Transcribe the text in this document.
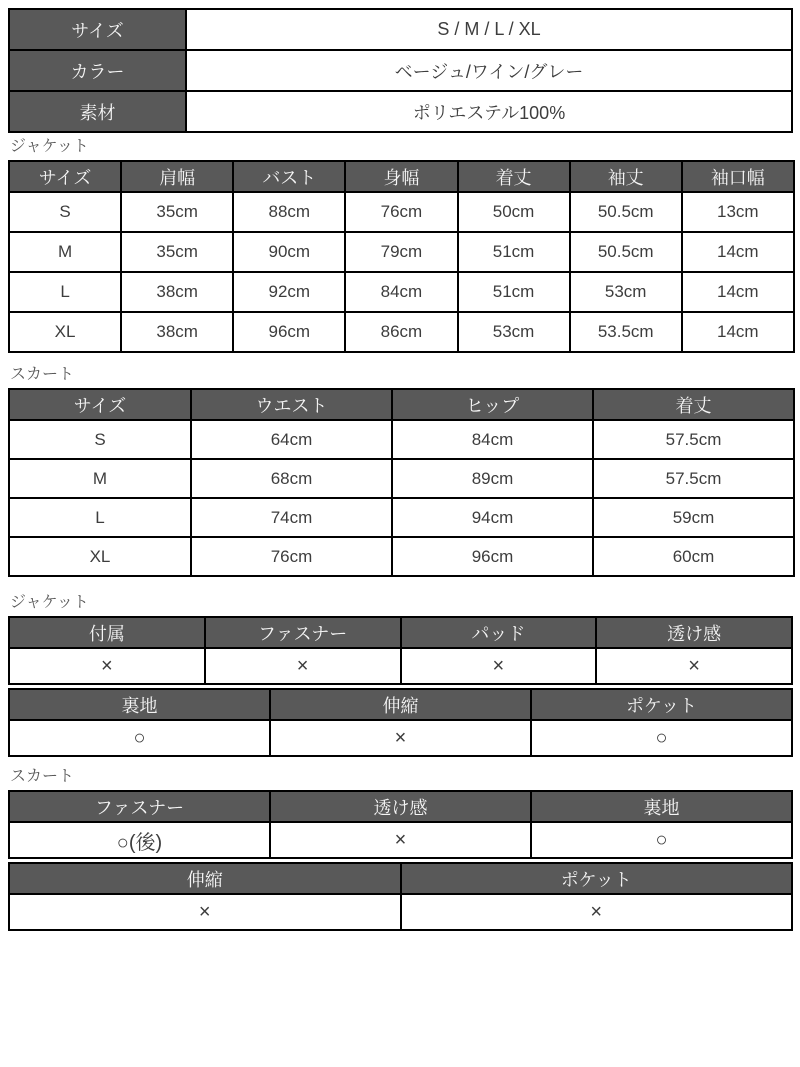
サイズ	S / M / L / XL
カラー	ベージュ/ワイン/グレー
素材	ポリエステル100%
ジャケット
サイズ	肩幅	バスト	身幅	着丈	袖丈	袖口幅
S	35cm	88cm	76cm	50cm	50.5cm	13cm
M	35cm	90cm	79cm	51cm	50.5cm	14cm
L	38cm	92cm	84cm	51cm	53cm	14cm
XL	38cm	96cm	86cm	53cm	53.5cm	14cm
スカート
サイズ	ウエスト	ヒップ	着丈
S	64cm	84cm	57.5cm
M	68cm	89cm	57.5cm
L	74cm	94cm	59cm
XL	76cm	96cm	60cm
ジャケット
付属	ファスナー	パッド	透け感
×	×	×	×
裏地	伸縮	ポケット
○	×	○
スカート
ファスナー	透け感	裏地
○(後)	×	○
伸縮	ポケット
×	×
